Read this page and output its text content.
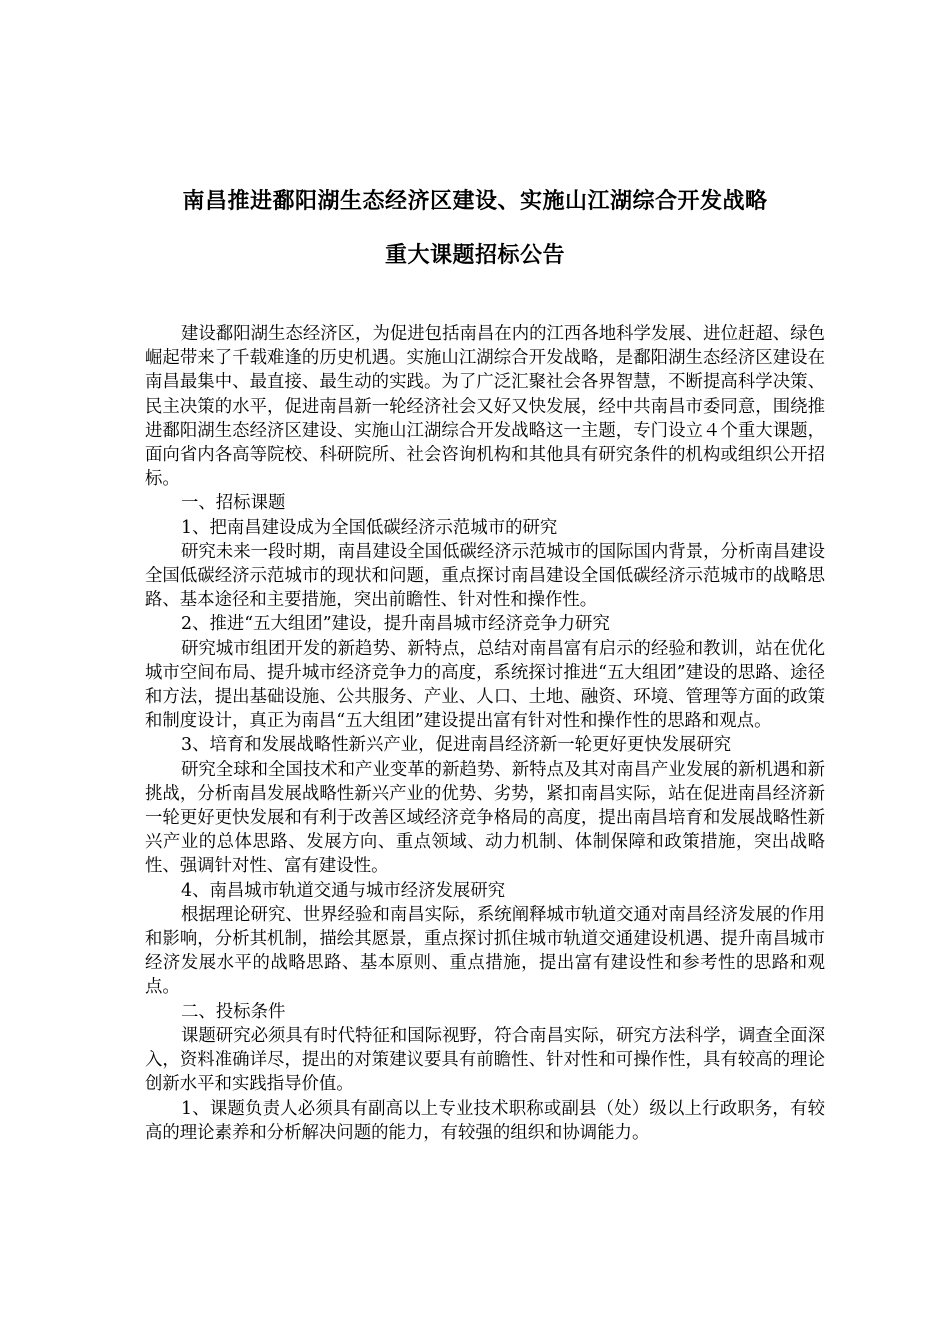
南昌推进鄱阳湖生态经济区建设、实施山江湖综合开发战略
重大课题招标公告

建设鄱阳湖生态经济区，为促进包括南昌在内的江西各地科学发展、进位赶超、绿色崛起带来了千载难逢的历史机遇。实施山江湖综合开发战略，是鄱阳湖生态经济区建设在南昌最集中、最直接、最生动的实践。为了广泛汇聚社会各界智慧，不断提高科学决策、民主决策的水平，促进南昌新一轮经济社会又好又快发展，经中共南昌市委同意，围绕推进鄱阳湖生态经济区建设、实施山江湖综合开发战略这一主题，专门设立４个重大课题，面向省内各高等院校、科研院所、社会咨询机构和其他具有研究条件的机构或组织公开招标。

一、招标课题

1、把南昌建设成为全国低碳经济示范城市的研究

研究未来一段时期，南昌建设全国低碳经济示范城市的国际国内背景，分析南昌建设全国低碳经济示范城市的现状和问题，重点探讨南昌建设全国低碳经济示范城市的战略思路、基本途径和主要措施，突出前瞻性、针对性和操作性。

2、推进“五大组团”建设，提升南昌城市经济竞争力研究

研究城市组团开发的新趋势、新特点，总结对南昌富有启示的经验和教训，站在优化城市空间布局、提升城市经济竞争力的高度，系统探讨推进“五大组团”建设的思路、途径和方法，提出基础设施、公共服务、产业、人口、土地、融资、环境、管理等方面的政策和制度设计，真正为南昌“五大组团”建设提出富有针对性和操作性的思路和观点。

3、培育和发展战略性新兴产业，促进南昌经济新一轮更好更快发展研究

研究全球和全国技术和产业变革的新趋势、新特点及其对南昌产业发展的新机遇和新挑战，分析南昌发展战略性新兴产业的优势、劣势，紧扣南昌实际，站在促进南昌经济新一轮更好更快发展和有利于改善区域经济竞争格局的高度，提出南昌培育和发展战略性新兴产业的总体思路、发展方向、重点领域、动力机制、体制保障和政策措施，突出战略性、强调针对性、富有建设性。

4、南昌城市轨道交通与城市经济发展研究

根据理论研究、世界经验和南昌实际，系统阐释城市轨道交通对南昌经济发展的作用和影响，分析其机制，描绘其愿景，重点探讨抓住城市轨道交通建设机遇、提升南昌城市经济发展水平的战略思路、基本原则、重点措施，提出富有建设性和参考性的思路和观点。

二、投标条件

课题研究必须具有时代特征和国际视野，符合南昌实际，研究方法科学，调查全面深入，资料准确详尽，提出的对策建议要具有前瞻性、针对性和可操作性，具有较高的理论创新水平和实践指导价值。

1、课题负责人必须具有副高以上专业技术职称或副县（处）级以上行政职务，有较高的理论素养和分析解决问题的能力，有较强的组织和协调能力。
